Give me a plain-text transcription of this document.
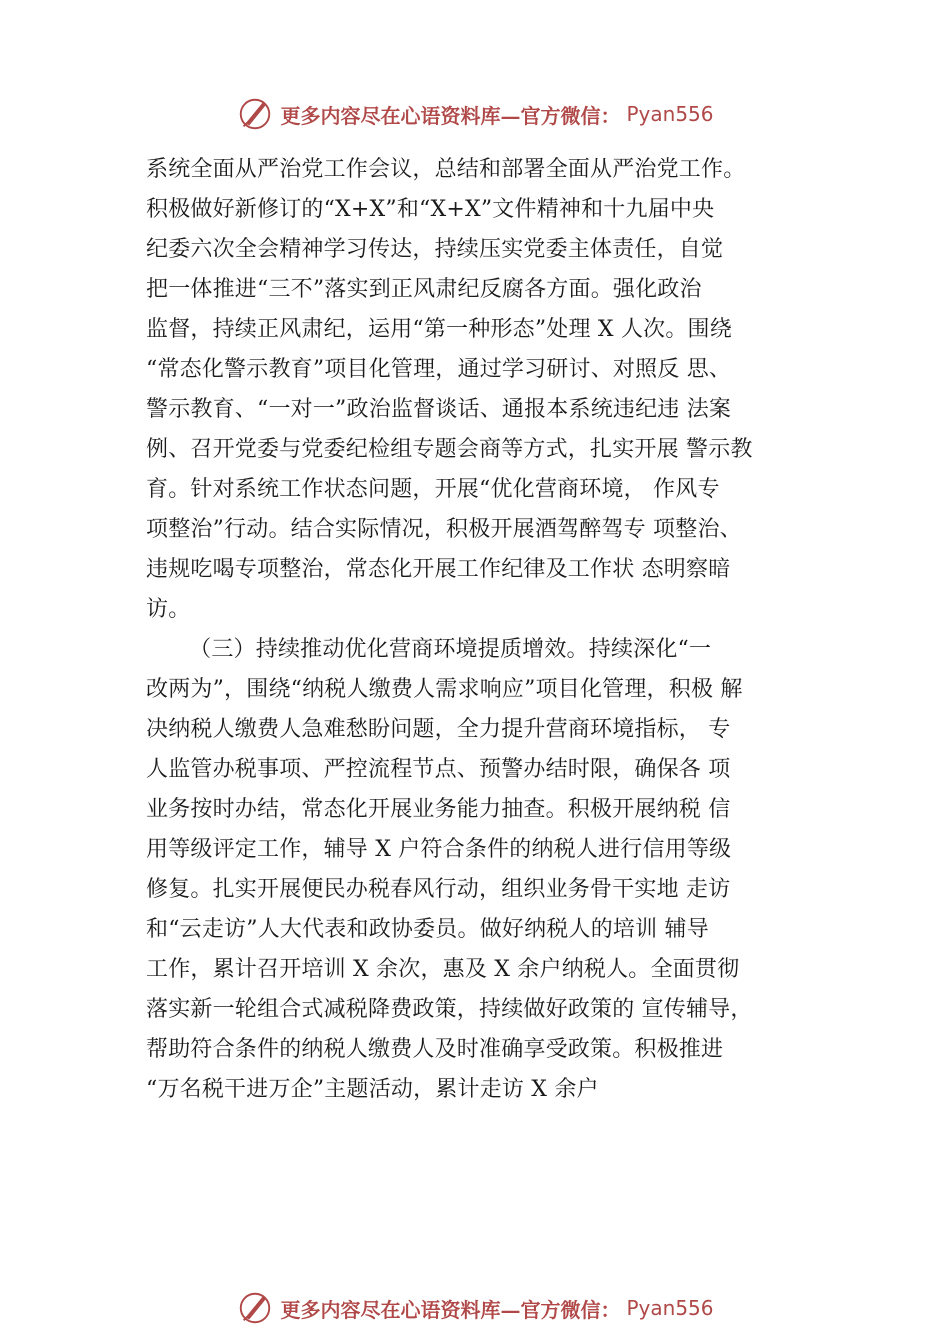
更多内容尽在心语资料库—官方微信： Pyan556
系统全面从严治党工作会议，总结和部署全面从严治党工作。
积极做好新修订的“X+X”和“X+X”文件精神和十九届中央
纪委六次全会精神学习传达，持续压实党委主体责任，自觉
把一体推进“三不”落实到正风肃纪反腐各方面。强化政治
监督，持续正风肃纪，运用“第一种形态”处理 X 人次。围绕
“常态化警示教育”项目化管理，通过学习研讨、对照反 思、
警示教育、“一对一”政治监督谈话、通报本系统违纪违 法案
例、召开党委与党委纪检组专题会商等方式，扎实开展 警示教
育。针对系统工作状态问题，开展“优化营商环境， 作风专
项整治”行动。结合实际情况，积极开展酒驾醉驾专 项整治、
违规吃喝专项整治，常态化开展工作纪律及工作状 态明察暗
访。
（三）持续推动优化营商环境提质增效。持续深化“一
改两为”，围绕“纳税人缴费人需求响应”项目化管理，积极 解
决纳税人缴费人急难愁盼问题，全力提升营商环境指标， 专
人监管办税事项、严控流程节点、预警办结时限，确保各 项
业务按时办结，常态化开展业务能力抽查。积极开展纳税 信
用等级评定工作，辅导 X 户符合条件的纳税人进行信用等级
修复。扎实开展便民办税春风行动，组织业务骨干实地 走访
和“云走访”人大代表和政协委员。做好纳税人的培训 辅导
工作，累计召开培训 X 余次，惠及 X 余户纳税人。全面贯彻
落实新一轮组合式减税降费政策，持续做好政策的 宣传辅导，
帮助符合条件的纳税人缴费人及时准确享受政策。积极推进
“万名税干进万企”主题活动，累计走访 X 余户
更多内容尽在心语资料库—官方微信： Pyan556
